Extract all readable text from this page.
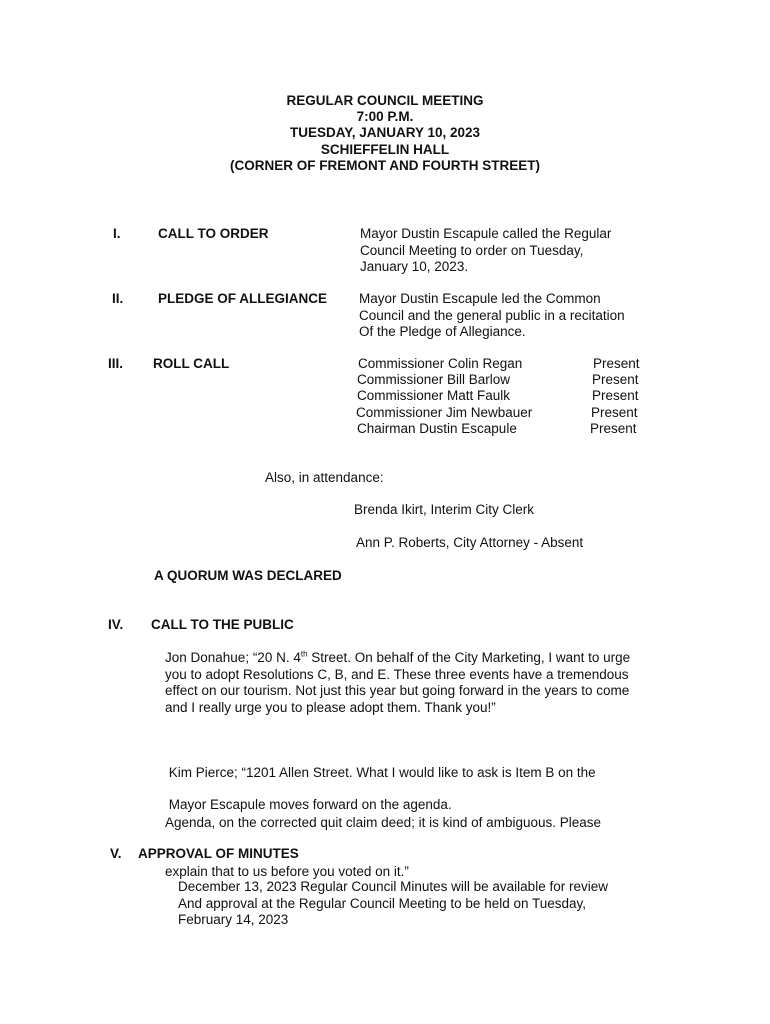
REGULAR COUNCIL MEETING
7:00 P.M.
TUESDAY, JANUARY 10, 2023
SCHIEFFELIN HALL
(CORNER OF FREMONT AND FOURTH STREET)
I.	CALL TO ORDER	Mayor Dustin Escapule called the Regular
Council Meeting to order on Tuesday,
January 10, 2023.
II.	PLEDGE OF ALLEGIANCE Mayor Dustin Escapule led the Common
Council and the general public in a recitation
Of the Pledge of Allegiance.
III. ROLL CALL	Commissioner Colin Regan	Present
Commissioner Bill Barlow	Present
Commissioner Matt Faulk	Present
Commissioner Jim Newbauer	Present
Chairman Dustin Escapule	Present
Also, in attendance:
Brenda Ikirt, Interim City Clerk
Ann P. Roberts, City Attorney - Absent
A QUORUM WAS DECLARED
IV. CALL TO THE PUBLIC
Jon Donahue; “20 N. 4th Street. On behalf of the City Marketing, I want to urge
you to adopt Resolutions C, B, and E. These three events have a tremendous
effect on our tourism. Not just this year but going forward in the years to come
and I really urge you to please adopt them. Thank you!”

Kim Pierce; “1201 Allen Street. What I would like to ask is Item B on the

Agenda, on the corrected quit claim deed; it is kind of ambiguous. Please

explain that to us before you voted on it.”

Mayor Escapule moves forward on the agenda.
V. APPROVAL OF MINUTES
December 13, 2023 Regular Council Minutes will be available for review
And approval at the Regular Council Meeting to be held on Tuesday,
February 14, 2023
